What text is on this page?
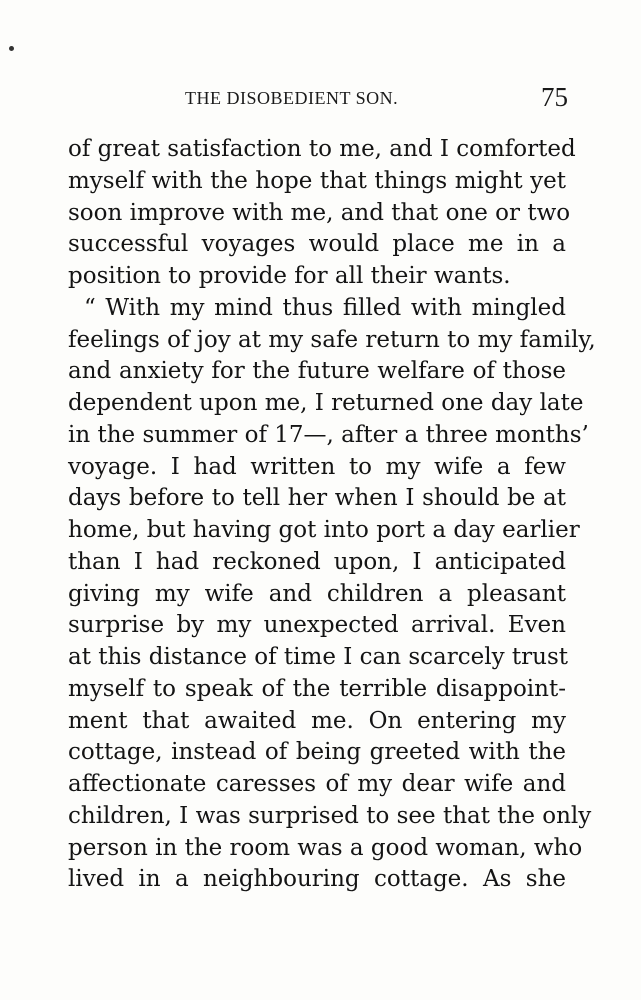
THE DISOBEDIENT SON.	75
of great satisfaction to me, and I comforted
myself with the hope that things might yet
soon improve with me, and that one or two
successful voyages would place me in a
position to provide for all their wants.
“ With my mind thus filled with mingled
feelings of joy at my safe return to my family,
and anxiety for the future welfare of those
dependent upon me, I returned one day late
in the summer of 17—, after a three months’
voyage. I had written to my wife a few
days before to tell her when I should be at
home, but having got into port a day earlier
than I had reckoned upon, I anticipated
giving my wife and children a pleasant
surprise by my unexpected arrival. Even
at this distance of time I can scarcely trust
myself to speak of the terrible disappoint-
ment that awaited me. On entering my
cottage, instead of being greeted with the
affectionate caresses of my dear wife and
children, I was surprised to see that the only
person in the room was a good woman, who
lived in a neighbouring cottage. As she
